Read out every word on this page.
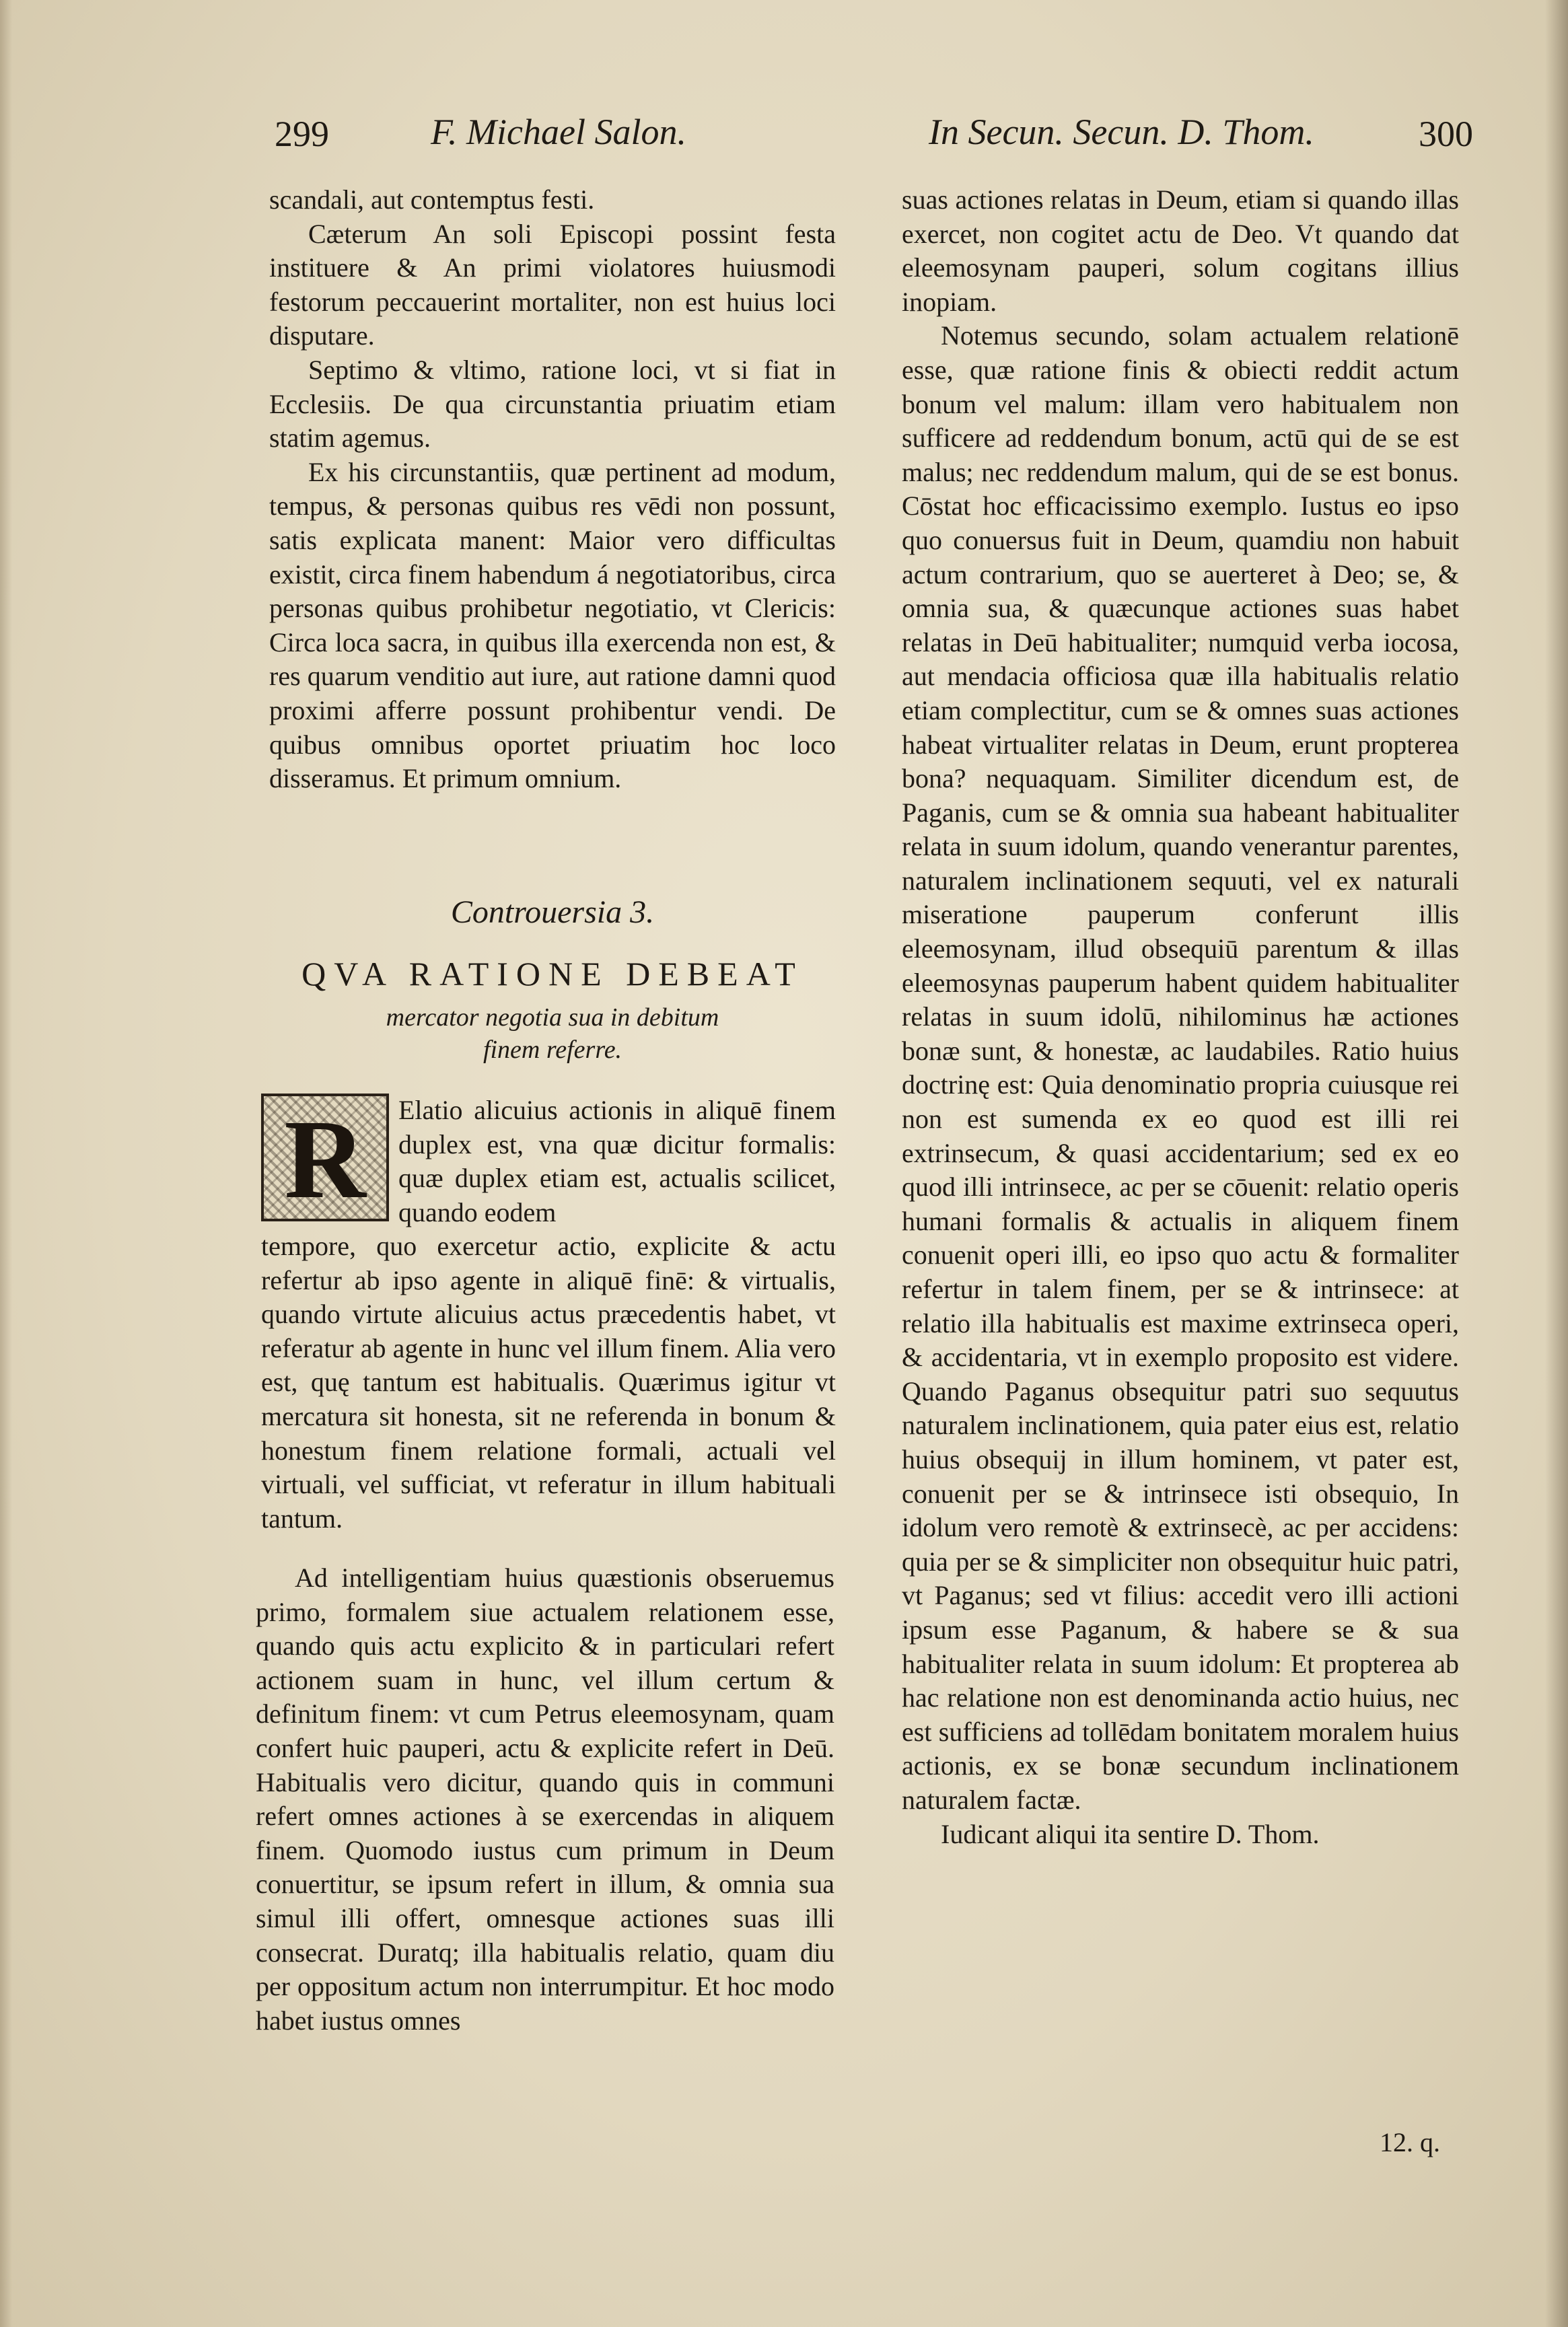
299	F. Michael Salon.	In Secun. Secun. D. Thom.	300

scandali, aut contemptus festi.

Cæterum An soli Episcopi possint festa instituere & An primi violatores huiusmodi festorum peccauerint mortaliter, non est huius loci disputare.

Septimo & vltimo, ratione loci, vt si fiat in Ecclesiis. De qua circunstantia priuatim etiam statim agemus.

Ex his circunstantiis, quæ pertinent ad modum, tempus, & personas quibus res vēdi non possunt, satis explicata manent: Maior vero difficultas existit, circa finem habendum á negotiatoribus, circa personas quibus prohibetur negotiatio, vt Clericis: Circa loca sacra, in quibus illa exercenda non est, & res quarum venditio aut iure, aut ratione damni quod proximi afferre possunt prohibentur vendi. De quibus omnibus oportet priuatim hoc loco disseramus. Et primum omnium.

Controuersia 3.
QVA RATIONE DEBEAT
mercator negotia sua in debitum
finem referre.
R	Elatio alicuius actionis in aliquē finem duplex est, vna quæ dicitur formalis: quæ duplex etiam est, actualis scilicet, quando eodem

tempore, quo exercetur actio, explicite & actu refertur ab ipso agente in aliquē finē: & virtualis, quando virtute alicuius actus præcedentis habet, vt referatur ab agente in hunc vel illum finem. Alia vero est, quę tantum est habitualis. Quærimus igitur vt mercatura sit honesta, sit ne referenda in bonum & honestum finem relatione formali, actuali vel virtuali, vel sufficiat, vt referatur in illum habituali tantum.

Ad intelligentiam huius quæstionis obseruemus primo, formalem siue actualem relationem esse, quando quis actu explicito & in particulari refert actionem suam in hunc, vel illum certum & definitum finem: vt cum Petrus eleemosynam, quam confert huic pauperi, actu & explicite refert in Deū. Habitualis vero dicitur, quando quis in communi refert omnes actiones à se exercendas in aliquem finem. Quomodo iustus cum primum in Deum conuertitur, se ipsum refert in illum, & omnia sua simul illi offert, omnesque actiones suas illi consecrat. Duratq; illa habitualis relatio, quam diu per oppositum actum non interrumpitur. Et hoc modo habet iustus omnes

suas actiones relatas in Deum, etiam si quando illas exercet, non cogitet actu de Deo. Vt quando dat eleemosynam pauperi, solum cogitans illius inopiam.

Notemus secundo, solam actualem relationē esse, quæ ratione finis & obiecti reddit actum bonum vel malum: illam vero habitualem non sufficere ad reddendum bonum, actū qui de se est malus; nec reddendum malum, qui de se est bonus. Cōstat hoc efficacissimo exemplo. Iustus eo ipso quo conuersus fuit in Deum, quamdiu non habuit actum contrarium, quo se auerteret à Deo; se, & omnia sua, & quæcunque actiones suas habet relatas in Deū habitualiter; numquid verba iocosa, aut mendacia officiosa quæ illa habitualis relatio etiam complectitur, cum se & omnes suas actiones habeat virtualiter relatas in Deum, erunt propterea bona? nequaquam. Similiter dicendum est, de Paganis, cum se & omnia sua habeant habitualiter relata in suum idolum, quando venerantur parentes, naturalem inclinationem sequuti, vel ex naturali miseratione pauperum conferunt illis eleemosynam, illud obsequiū parentum & illas eleemosynas pauperum habent quidem habitualiter relatas in suum idolū, nihilominus hæ actiones bonæ sunt, & honestæ, ac laudabiles. Ratio huius doctrinę est: Quia denominatio propria cuiusque rei non est sumenda ex eo quod est illi rei extrinsecum, & quasi accidentarium; sed ex eo quod illi intrinsece, ac per se cōuenit: relatio operis humani formalis & actualis in aliquem finem conuenit operi illi, eo ipso quo actu & formaliter refertur in talem finem, per se & intrinsece: at relatio illa habitualis est maxime extrinseca operi, & accidentaria, vt in exemplo proposito est videre. Quando Paganus obsequitur patri suo sequutus naturalem inclinationem, quia pater eius est, relatio huius obsequij in illum hominem, vt pater est, conuenit per se & intrinsece isti obsequio, In idolum vero remotè & extrinsecè, ac per accidens: quia per se & simpliciter non obsequitur huic patri, vt Paganus; sed vt filius: accedit vero illi actioni ipsum esse Paganum, & habere se & sua habitualiter relata in suum idolum: Et propterea ab hac relatione non est denominanda actio huius, nec est sufficiens ad tollēdam bonitatem moralem huius actionis, ex se bonæ secundum inclinationem naturalem factæ.

Iudicant aliqui ita sentire D. Thom.

12. q.
